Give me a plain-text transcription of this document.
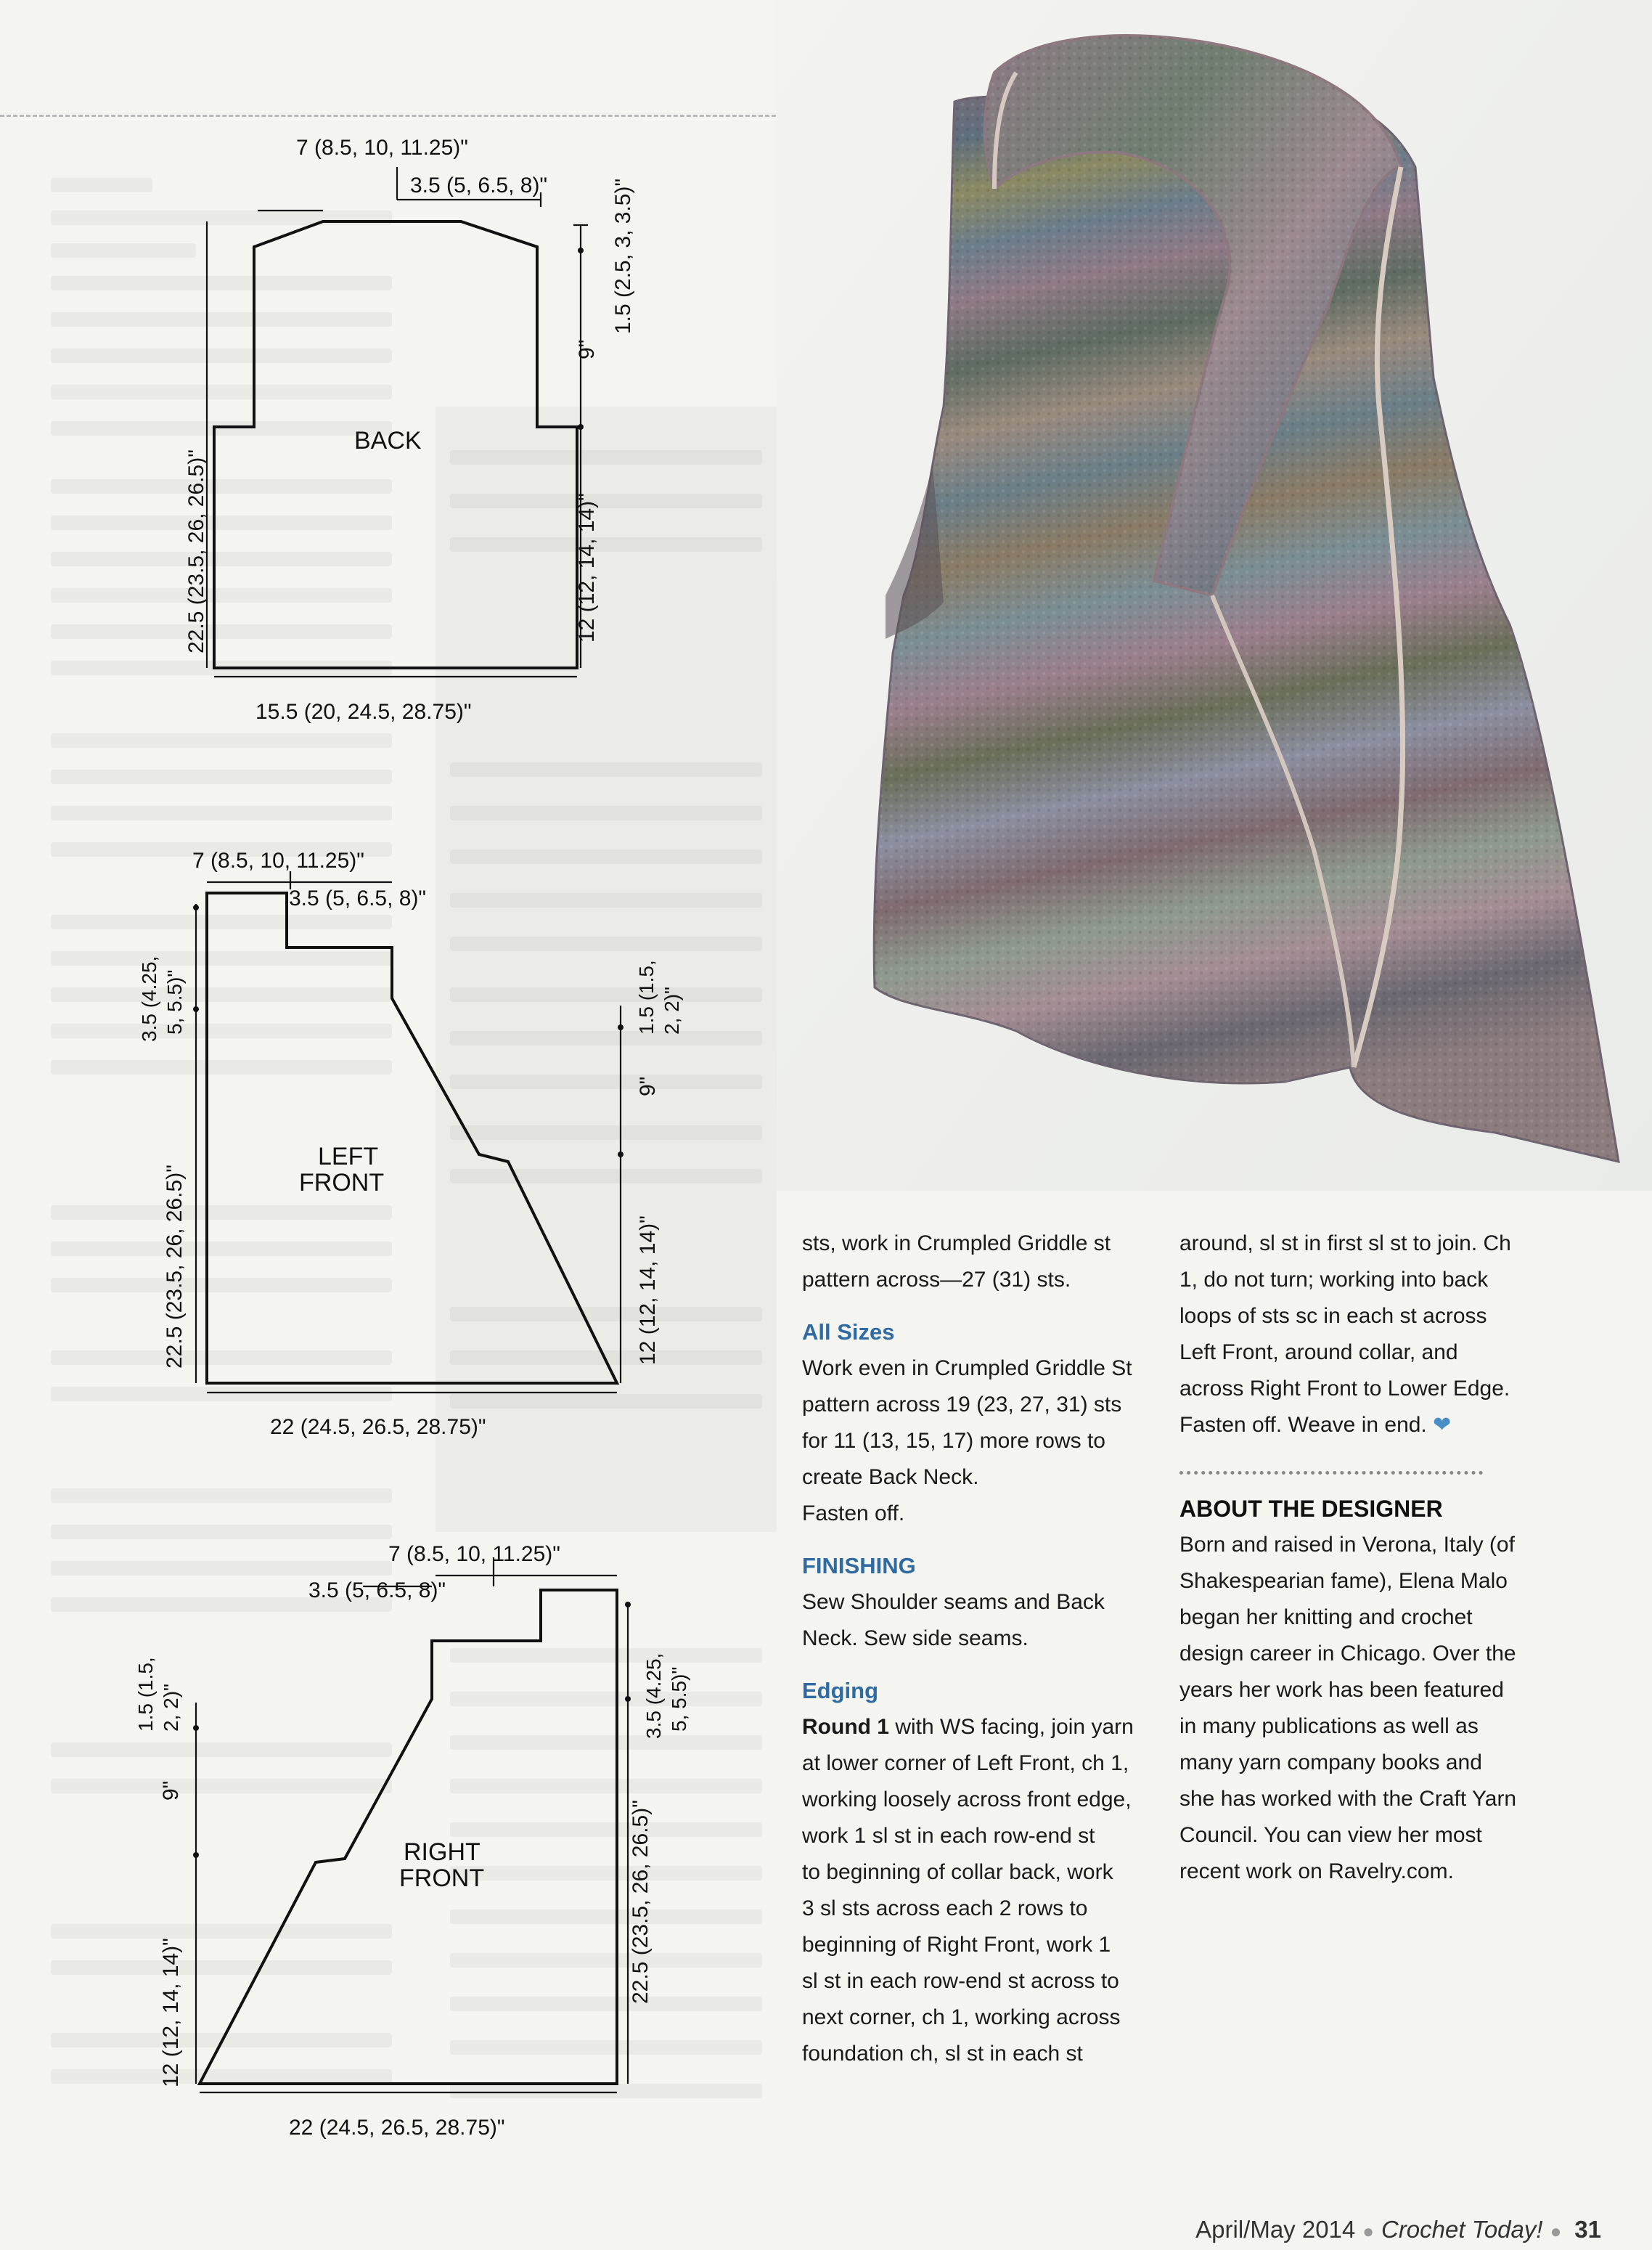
7 (8.5, 10, 11.25)"
3.5 (5, 6.5, 8)"
BACK
1.5 (2.5, 3, 3.5)"
9"
12 (12, 14, 14)"
22.5 (23.5, 26, 26.5)"
15.5 (20, 24.5, 28.75)"
7 (8.5, 10, 11.25)"
3.5 (5, 6.5, 8)"
3.5 (4.25, 5, 5.5)"	1.5 (1.5, 2, 2)"
9"
12 (12, 14, 14)"
22.5 (23.5, 26, 26.5)"
LEFT
FRONT
22 (24.5, 26.5, 28.75)"
7 (8.5, 10, 11.25)"
3.5 (5, 6.5, 8)"
3.5 (4.25, 5, 5.5)"
1.5 (1.5, 2, 2)"
9"
12 (12, 14, 14)"
22.5 (23.5, 26, 26.5)"
RIGHT
FRONT
22 (24.5, 26.5, 28.75)"

sts, work in Crumpled Griddle st

pattern across—27 (31) sts.

All Sizes

Work even in Crumpled Griddle St

pattern across 19 (23, 27, 31) sts

for 11 (13, 15, 17) more rows to

create Back Neck.

Fasten off.

FINISHING

Sew Shoulder seams and Back

Neck. Sew side seams.

Edging

Round 1 with WS facing, join yarn

at lower corner of Left Front, ch 1,

working loosely across front edge,

work 1 sl st in each row-end st

to beginning of collar back, work

3 sl sts across each 2 rows to

beginning of Right Front, work 1

sl st in each row-end st across to

next corner, ch 1, working across

foundation ch, sl st in each st

around, sl st in first sl st to join. Ch

1, do not turn; working into back

loops of sts sc in each st across

Left Front, around collar, and

across Right Front to Lower Edge.

Fasten off. Weave in end. ❤

ABOUT THE DESIGNER

Born and raised in Verona, Italy (of

Shakespearian fame), Elena Malo

began her knitting and crochet

design career in Chicago. Over the

years her work has been featured

in many publications as well as

many yarn company books and

she has worked with the Craft Yarn

Council. You can view her most

recent work on Ravelry.com.

April/May 2014 ● Crochet Today! ● 31
